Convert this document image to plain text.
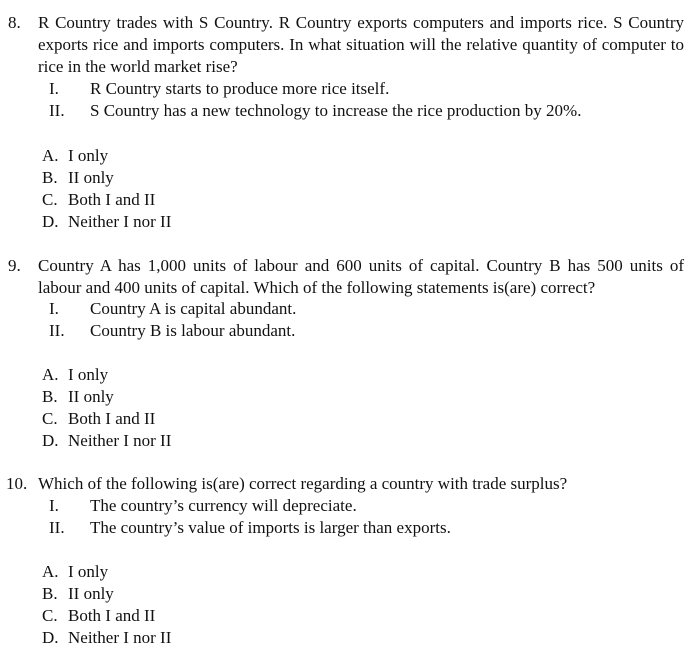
8. R Country trades with S Country. R Country exports computers and imports rice. S Country exports rice and imports computers. In what situation will the relative quantity of computer to rice in the world market rise?
I. R Country starts to produce more rice itself.
II. S Country has a new technology to increase the rice production by 20%.
A. I only
B. II only
C. Both I and II
D. Neither I nor II
9. Country A has 1,000 units of labour and 600 units of capital. Country B has 500 units of labour and 400 units of capital. Which of the following statements is(are) correct?
I. Country A is capital abundant.
II. Country B is labour abundant.
A. I only
B. II only
C. Both I and II
D. Neither I nor II
10. Which of the following is(are) correct regarding a country with trade surplus?
I. The country’s currency will depreciate.
II. The country’s value of imports is larger than exports.
A. I only
B. II only
C. Both I and II
D. Neither I nor II
